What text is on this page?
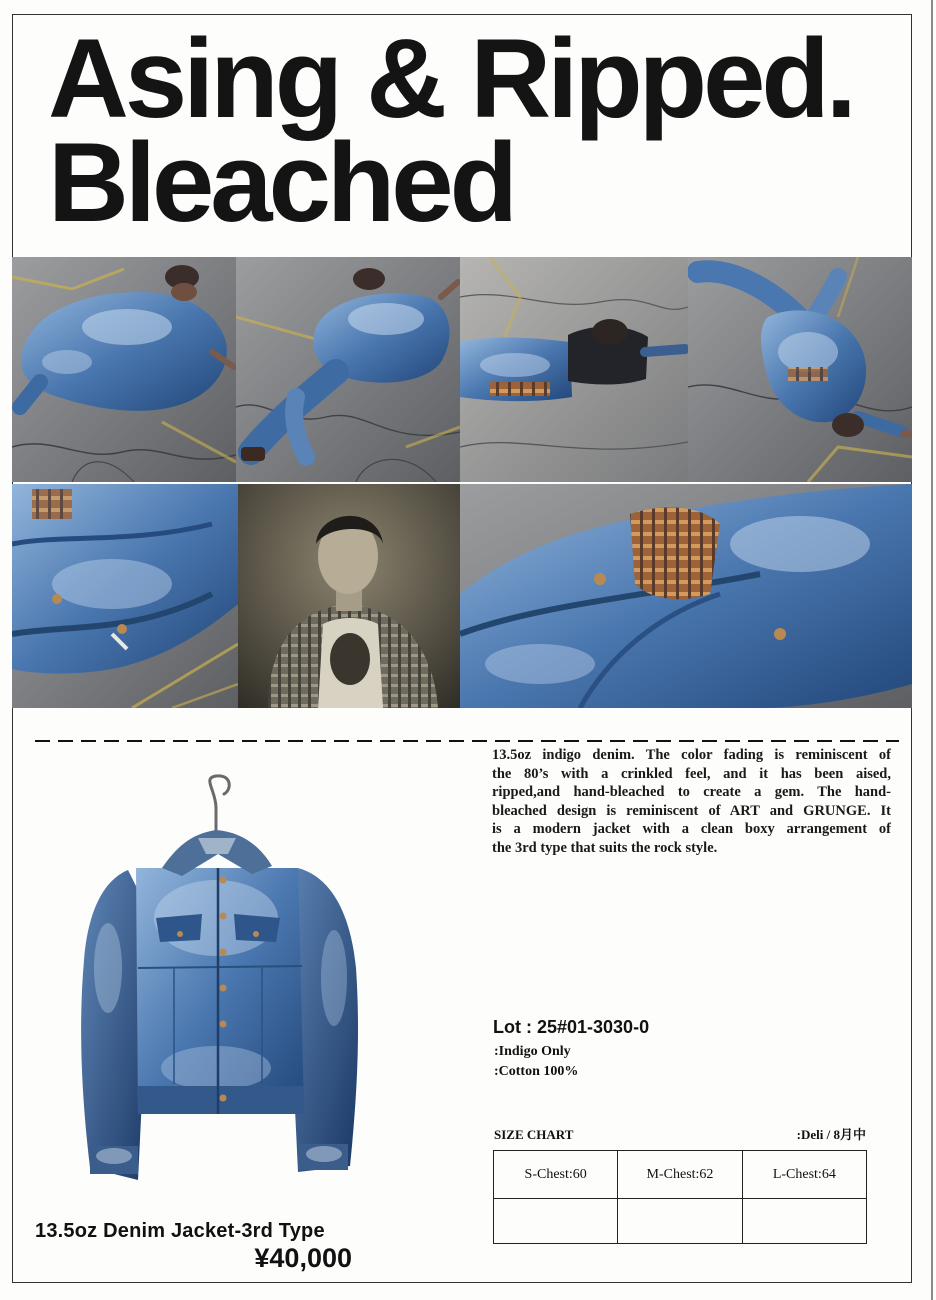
Asing & Ripped.
Bleached
13.5oz indigo denim. The color fading is reminiscent of
the 80’s with a crinkled feel, and it has been aised,
ripped,and hand-bleached to create a gem. The hand-
bleached design is reminiscent of ART and GRUNGE. It
is a modern jacket with a clean boxy arrangement of
the 3rd type that suits the rock style.
Lot : 25#01-3030-0
:Indigo Only
:Cotton 100%
SIZE CHART	:Deli / 8月中
S-Chest:60	M-Chest:62	L-Chest:64

13.5oz Denim Jacket-3rd Type
¥40,000
